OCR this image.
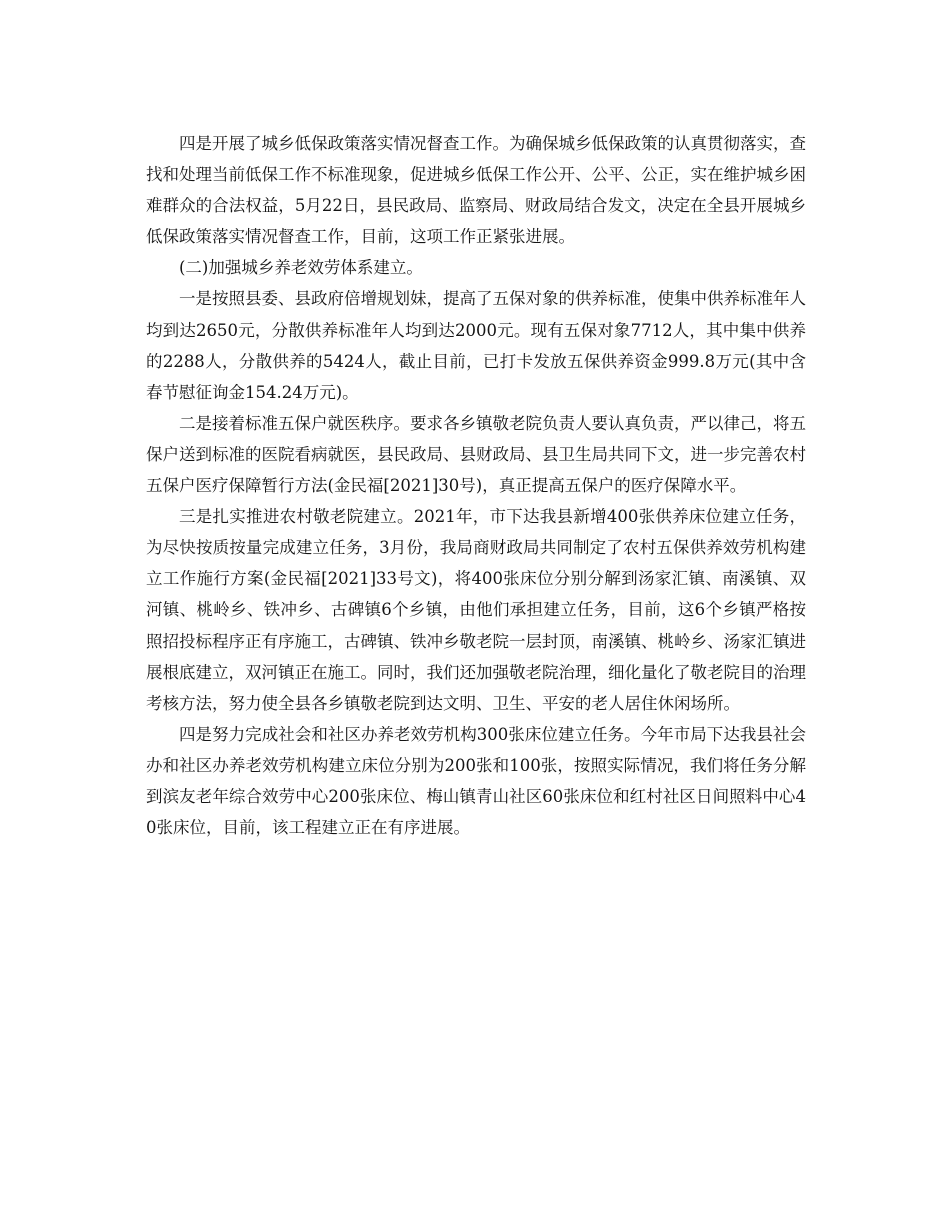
四是开展了城乡低保政策落实情况督查工作。为确保城乡低保政策的认真贯彻落实，查找和处理当前低保工作不标准现象，促进城乡低保工作公开、公平、公正，实在维护城乡困难群众的合法权益，5月22日，县民政局、监察局、财政局结合发文，决定在全县开展城乡低保政策落实情况督查工作，目前，这项工作正紧张进展。

(二)加强城乡养老效劳体系建立。

一是按照县委、县政府倍增规划妹，提高了五保对象的供养标准，使集中供养标准年人均到达2650元，分散供养标准年人均到达2000元。现有五保对象7712人，其中集中供养的2288人，分散供养的5424人，截止目前，已打卡发放五保供养资金999.8万元(其中含春节慰征询金154.24万元)。

二是接着标准五保户就医秩序。要求各乡镇敬老院负责人要认真负责，严以律己，将五保户送到标准的医院看病就医，县民政局、县财政局、县卫生局共同下文，进一步完善农村五保户医疗保障暂行方法(金民福[2021]30号)，真正提高五保户的医疗保障水平。

三是扎实推进农村敬老院建立。2021年，市下达我县新增400张供养床位建立任务，为尽快按质按量完成建立任务，3月份，我局商财政局共同制定了农村五保供养效劳机构建立工作施行方案(金民福[2021]33号文)，将400张床位分别分解到汤家汇镇、南溪镇、双河镇、桃岭乡、铁冲乡、古碑镇6个乡镇，由他们承担建立任务，目前，这6个乡镇严格按照招投标程序正有序施工，古碑镇、铁冲乡敬老院一层封顶，南溪镇、桃岭乡、汤家汇镇进展根底建立，双河镇正在施工。同时，我们还加强敬老院治理，细化量化了敬老院目的治理考核方法，努力使全县各乡镇敬老院到达文明、卫生、平安的老人居住休闲场所。

四是努力完成社会和社区办养老效劳机构300张床位建立任务。今年市局下达我县社会办和社区办养老效劳机构建立床位分别为200张和100张，按照实际情况，我们将任务分解到滨友老年综合效劳中心200张床位、梅山镇青山社区60张床位和红村社区日间照料中心40张床位，目前，该工程建立正在有序进展。
